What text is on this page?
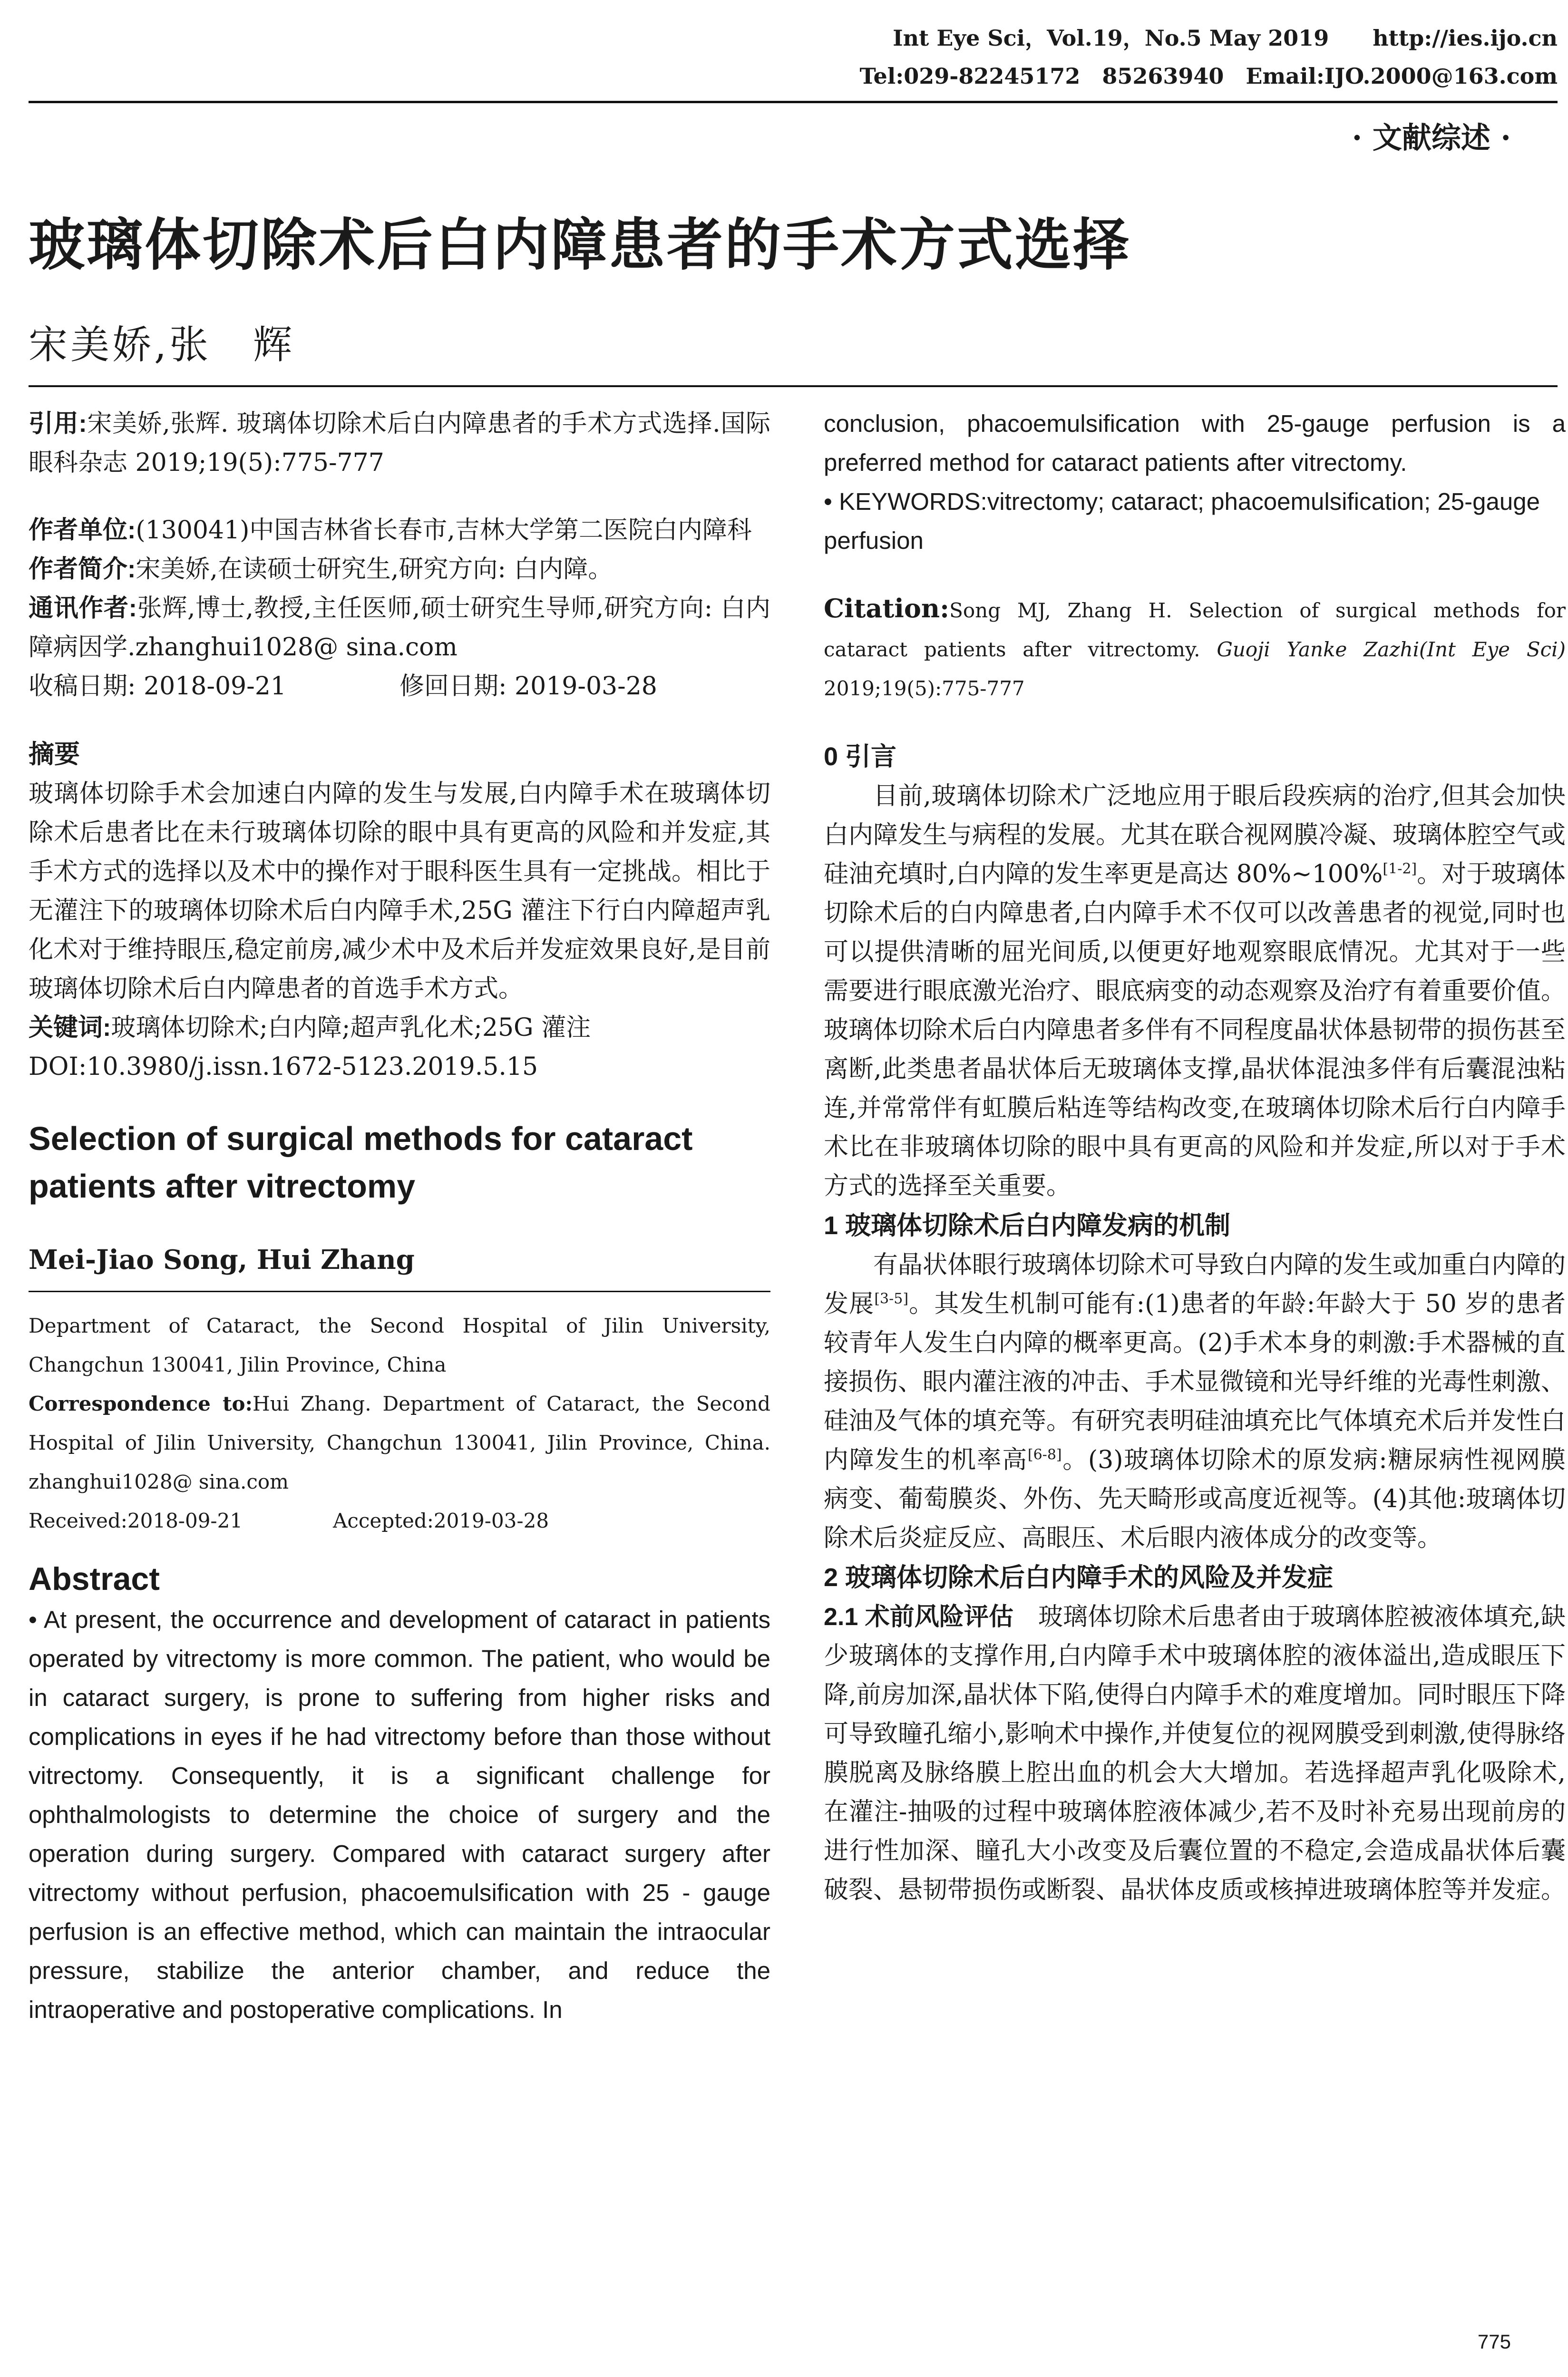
Int Eye Sci，Vol.19，No.5 May 2019　　http://ies.ijo.cn
Tel:029-82245172　85263940　Email:IJO.2000@163.com
· 文献综述 ·
玻璃体切除术后白内障患者的手术方式选择
宋美娇,张　辉

引用:宋美娇,张辉. 玻璃体切除术后白内障患者的手术方式选择.国际眼科杂志 2019;19(5):775-777

作者单位:(130041)中国吉林省长春市,吉林大学第二医院白内障科

作者简介:宋美娇,在读硕士研究生,研究方向: 白内障。

通讯作者:张辉,博士,教授,主任医师,硕士研究生导师,研究方向: 白内障病因学.zhanghui1028@ sina.com

收稿日期: 2018-09-21	修回日期: 2019-03-28

摘要

玻璃体切除手术会加速白内障的发生与发展,白内障手术在玻璃体切除术后患者比在未行玻璃体切除的眼中具有更高的风险和并发症,其手术方式的选择以及术中的操作对于眼科医生具有一定挑战。相比于无灌注下的玻璃体切除术后白内障手术,25G 灌注下行白内障超声乳化术对于维持眼压,稳定前房,减少术中及术后并发症效果良好,是目前玻璃体切除术后白内障患者的首选手术方式。

关键词:玻璃体切除术;白内障;超声乳化术;25G 灌注

DOI:10.3980/j.issn.1672-5123.2019.5.15

Selection of surgical methods for cataract patients after vitrectomy

Mei-Jiao Song, Hui Zhang

Department of Cataract, the Second Hospital of Jilin University, Changchun 130041, Jilin Province, China

Correspondence to:Hui Zhang. Department of Cataract, the Second Hospital of Jilin University, Changchun 130041, Jilin Province, China. zhanghui1028@ sina.com

Received:2018-09-21	Accepted:2019-03-28

Abstract

• At present, the occurrence and development of cataract in patients operated by vitrectomy is more common. The patient, who would be in cataract surgery, is prone to suffering from higher risks and complications in eyes if he had vitrectomy before than those without vitrectomy. Consequently, it is a significant challenge for ophthalmologists to determine the choice of surgery and the operation during surgery. Compared with cataract surgery after vitrectomy without perfusion, phacoemulsification with 25 - gauge perfusion is an effective method, which can maintain the intraocular pressure, stabilize the anterior chamber, and reduce the intraoperative and postoperative complications. In

conclusion, phacoemulsification with 25-gauge perfusion is a preferred method for cataract patients after vitrectomy.

• KEYWORDS:vitrectomy; cataract; phacoemulsification; 25-gauge perfusion

Citation:Song MJ, Zhang H. Selection of surgical methods for cataract patients after vitrectomy. Guoji Yanke Zazhi(Int Eye Sci) 2019;19(5):775-777

0 引言

目前,玻璃体切除术广泛地应用于眼后段疾病的治疗,但其会加快白内障发生与病程的发展。尤其在联合视网膜冷凝、玻璃体腔空气或硅油充填时,白内障的发生率更是高达 80%~100%[1-2]。对于玻璃体切除术后的白内障患者,白内障手术不仅可以改善患者的视觉,同时也可以提供清晰的屈光间质,以便更好地观察眼底情况。尤其对于一些需要进行眼底激光治疗、眼底病变的动态观察及治疗有着重要价值。玻璃体切除术后白内障患者多伴有不同程度晶状体悬韧带的损伤甚至离断,此类患者晶状体后无玻璃体支撑,晶状体混浊多伴有后囊混浊粘连,并常常伴有虹膜后粘连等结构改变,在玻璃体切除术后行白内障手术比在非玻璃体切除的眼中具有更高的风险和并发症,所以对于手术方式的选择至关重要。

1 玻璃体切除术后白内障发病的机制

有晶状体眼行玻璃体切除术可导致白内障的发生或加重白内障的发展[3-5]。其发生机制可能有:(1)患者的年龄:年龄大于 50 岁的患者较青年人发生白内障的概率更高。(2)手术本身的刺激:手术器械的直接损伤、眼内灌注液的冲击、手术显微镜和光导纤维的光毒性刺激、硅油及气体的填充等。有研究表明硅油填充比气体填充术后并发性白内障发生的机率高[6-8]。(3)玻璃体切除术的原发病:糖尿病性视网膜病变、葡萄膜炎、外伤、先天畸形或高度近视等。(4)其他:玻璃体切除术后炎症反应、高眼压、术后眼内液体成分的改变等。

2 玻璃体切除术后白内障手术的风险及并发症

2.1 术前风险评估　 玻璃体切除术后患者由于玻璃体腔被液体填充,缺少玻璃体的支撑作用,白内障手术中玻璃体腔的液体溢出,造成眼压下降,前房加深,晶状体下陷,使得白内障手术的难度增加。同时眼压下降可导致瞳孔缩小,影响术中操作,并使复位的视网膜受到刺激,使得脉络膜脱离及脉络膜上腔出血的机会大大增加。若选择超声乳化吸除术,在灌注-抽吸的过程中玻璃体腔液体减少,若不及时补充易出现前房的进行性加深、瞳孔大小改变及后囊位置的不稳定,会造成晶状体后囊破裂、悬韧带损伤或断裂、晶状体皮质或核掉进玻璃体腔等并发症。

775
